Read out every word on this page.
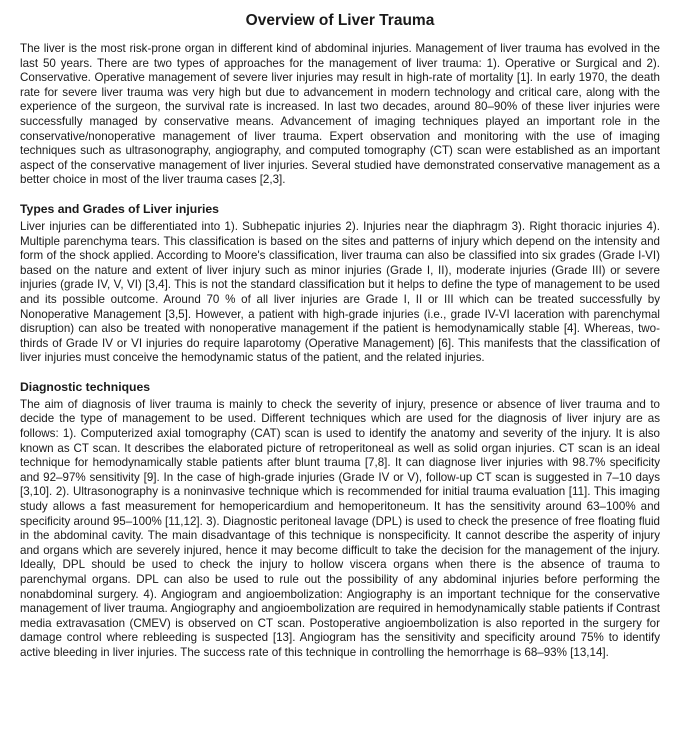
Overview of Liver Trauma

The liver is the most risk-prone organ in different kind of abdominal injuries. Management of liver trauma has evolved in the last 50 years. There are two types of approaches for the management of liver trauma: 1). Operative or Surgical and 2). Conservative. Operative management of severe liver injuries may result in high-rate of mortality [1]. In early 1970, the death rate for severe liver trauma was very high but due to advancement in modern technology and critical care, along with the experience of the surgeon, the survival rate is increased. In last two decades, around 80–90% of these liver injuries were successfully managed by conservative means. Advancement of imaging techniques played an important role in the conservative/nonoperative management of liver trauma. Expert observation and monitoring with the use of imaging techniques such as ultrasonography, angiography, and computed tomography (CT) scan were established as an important aspect of the conservative management of liver injuries. Several studied have demonstrated conservative management as a better choice in most of the liver trauma cases [2,3].

Types and Grades of Liver injuries

Liver injuries can be differentiated into 1). Subhepatic injuries 2). Injuries near the diaphragm 3). Right thoracic injuries 4). Multiple parenchyma tears. This classification is based on the sites and patterns of injury which depend on the intensity and form of the shock applied. According to Moore's classification, liver trauma can also be classified into six grades (Grade I-VI) based on the nature and extent of liver injury such as minor injuries (Grade I, II), moderate injuries (Grade III) or severe injuries (grade IV, V, VI) [3,4]. This is not the standard classification but it helps to define the type of management to be used and its possible outcome. Around 70 % of all liver injuries are Grade I, II or III which can be treated successfully by Nonoperative Management [3,5]. However, a patient with high-grade injuries (i.e., grade IV-VI laceration with parenchymal disruption) can also be treated with nonoperative management if the patient is hemodynamically stable [4]. Whereas, two-thirds of Grade IV or VI injuries do require laparotomy (Operative Management) [6]. This manifests that the classification of liver injuries must conceive the hemodynamic status of the patient, and the related injuries.

Diagnostic techniques

The aim of diagnosis of liver trauma is mainly to check the severity of injury, presence or absence of liver trauma and to decide the type of management to be used. Different techniques which are used for the diagnosis of liver injury are as follows: 1). Computerized axial tomography (CAT) scan is used to identify the anatomy and severity of the injury. It is also known as CT scan. It describes the elaborated picture of retroperitoneal as well as solid organ injuries. CT scan is an ideal technique for hemodynamically stable patients after blunt trauma [7,8]. It can diagnose liver injuries with 98.7% specificity and 92–97% sensitivity [9]. In the case of high-grade injuries (Grade IV or V), follow-up CT scan is suggested in 7–10 days [3,10]. 2). Ultrasonography is a noninvasive technique which is recommended for initial trauma evaluation [11]. This imaging study allows a fast measurement for hemopericardium and hemoperitoneum. It has the sensitivity around 63–100% and specificity around 95–100% [11,12]. 3). Diagnostic peritoneal lavage (DPL) is used to check the presence of free floating fluid in the abdominal cavity. The main disadvantage of this technique is nonspecificity. It cannot describe the asperity of injury and organs which are severely injured, hence it may become difficult to take the decision for the management of the injury. Ideally, DPL should be used to check the injury to hollow viscera organs when there is the absence of trauma to parenchymal organs. DPL can also be used to rule out the possibility of any abdominal injuries before performing the nonabdominal surgery. 4). Angiogram and angioembolization: Angiography is an important technique for the conservative management of liver trauma. Angiography and angioembolization are required in hemodynamically stable patients if Contrast media extravasation (CMEV) is observed on CT scan. Postoperative angioembolization is also reported in the surgery for damage control where rebleeding is suspected [13]. Angiogram has the sensitivity and specificity around 75% to identify active bleeding in liver injuries. The success rate of this technique in controlling the hemorrhage is 68–93% [13,14].
